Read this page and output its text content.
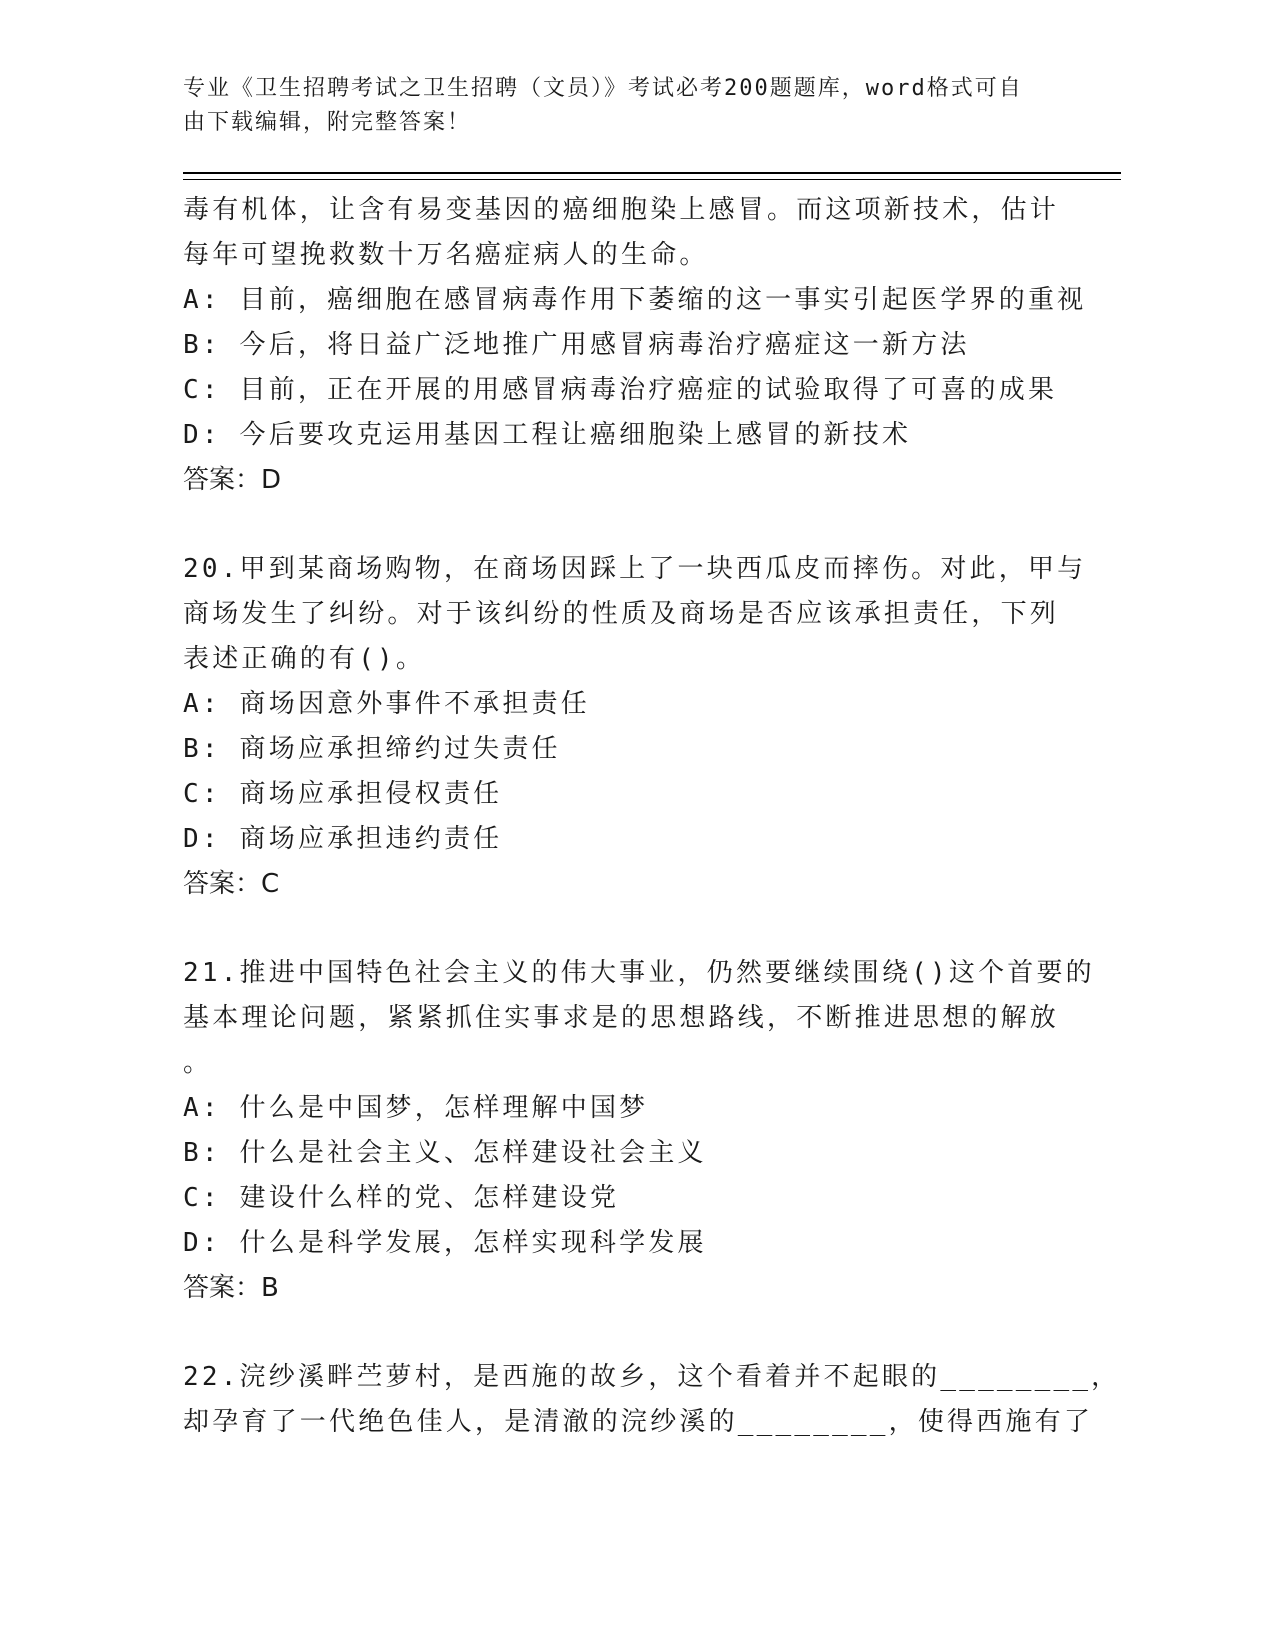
专业《卫生招聘考试之卫生招聘（文员）》考试必考200题题库，word格式可自
由下载编辑，附完整答案！
毒有机体，让含有易变基因的癌细胞染上感冒。而这项新技术，估计
每年可望挽救数十万名癌症病人的生命。
A: 目前，癌细胞在感冒病毒作用下萎缩的这一事实引起医学界的重视
B: 今后，将日益广泛地推广用感冒病毒治疗癌症这一新方法
C: 目前，正在开展的用感冒病毒治疗癌症的试验取得了可喜的成果
D: 今后要攻克运用基因工程让癌细胞染上感冒的新技术
答案：D
20.甲到某商场购物，在商场因踩上了一块西瓜皮而摔伤。对此，甲与
商场发生了纠纷。对于该纠纷的性质及商场是否应该承担责任，下列
表述正确的有()。
A: 商场因意外事件不承担责任
B: 商场应承担缔约过失责任
C: 商场应承担侵权责任
D: 商场应承担违约责任
答案：C
21.推进中国特色社会主义的伟大事业，仍然要继续围绕()这个首要的
基本理论问题，紧紧抓住实事求是的思想路线，不断推进思想的解放
。
A: 什么是中国梦，怎样理解中国梦
B: 什么是社会主义、怎样建设社会主义
C: 建设什么样的党、怎样建设党
D: 什么是科学发展，怎样实现科学发展
答案：B
22.浣纱溪畔苎萝村，是西施的故乡，这个看着并不起眼的________，
却孕育了一代绝色佳人，是清澈的浣纱溪的________，使得西施有了
